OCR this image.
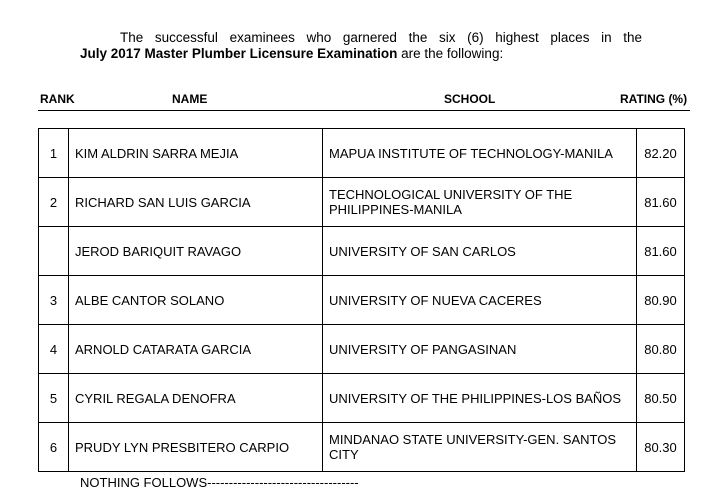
The successful examinees who garnered the six (6) highest places in the
July 2017 Master Plumber Licensure Examination are the following:
RANK	NAME	SCHOOL	RATING (%)
1	KIM ALDRIN SARRA MEJIA	MAPUA INSTITUTE OF TECHNOLOGY-MANILA	82.20
2	RICHARD SAN LUIS GARCIA	TECHNOLOGICAL UNIVERSITY OF THE PHILIPPINES-MANILA	81.60
	JEROD BARIQUIT RAVAGO	UNIVERSITY OF SAN CARLOS	81.60
3	ALBE CANTOR SOLANO	UNIVERSITY OF NUEVA CACERES	80.90
4	ARNOLD CATARATA GARCIA	UNIVERSITY OF PANGASINAN	80.80
5	CYRIL REGALA DENOFRA	UNIVERSITY OF THE PHILIPPINES-LOS BAÑOS	80.50
6	PRUDY LYN PRESBITERO CARPIO	MINDANAO STATE UNIVERSITY-GEN. SANTOS CITY	80.30
NOTHING FOLLOWS-----------------------------------
